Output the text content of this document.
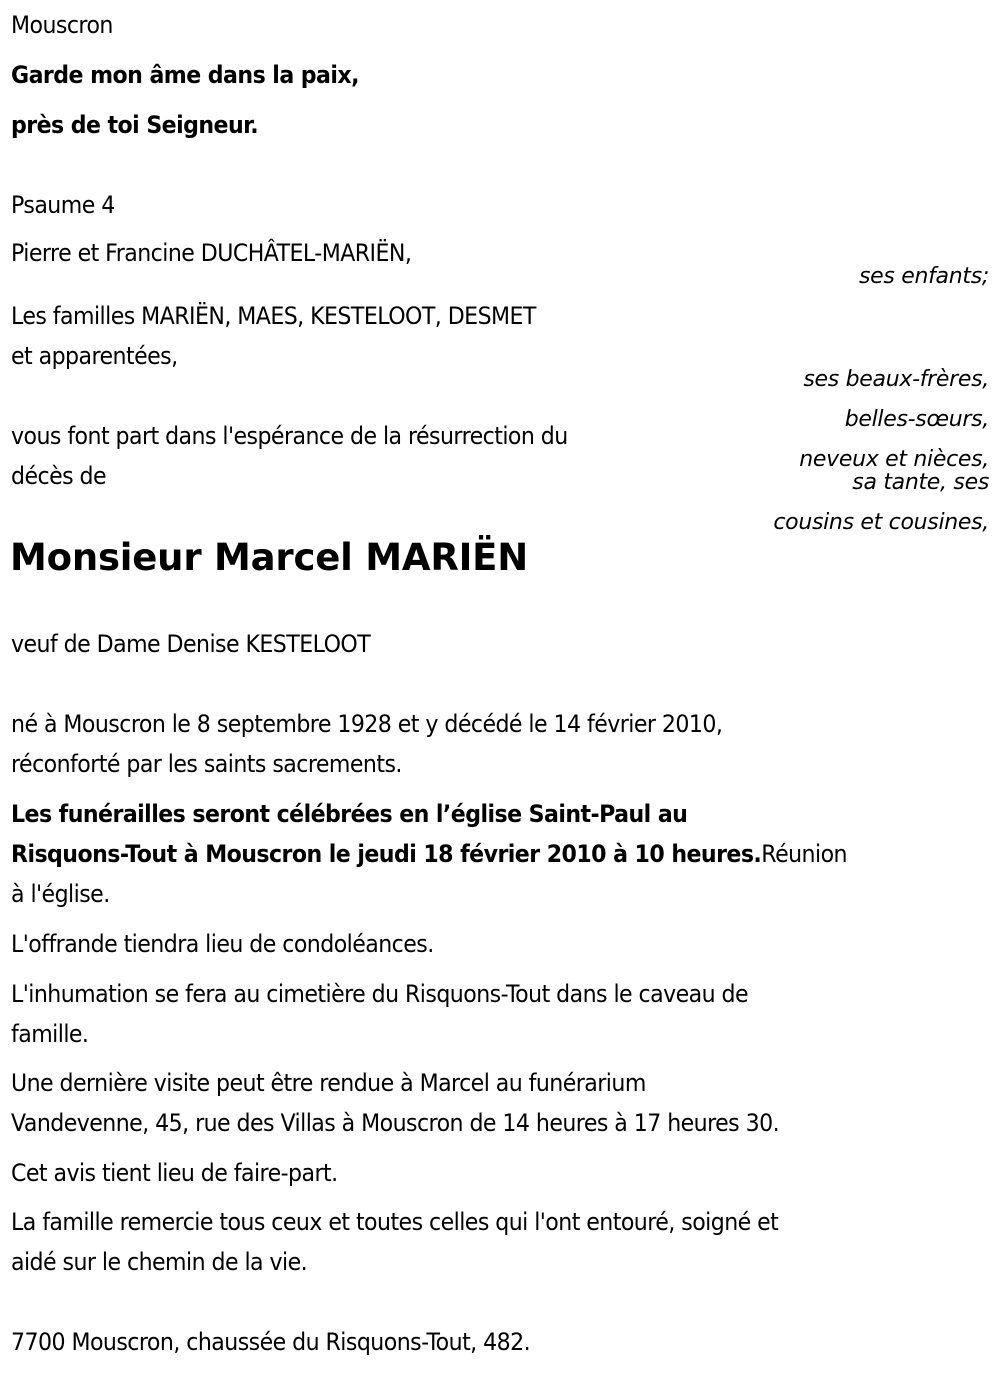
Mouscron
Garde mon âme dans la paix,
près de toi Seigneur.
Psaume 4
Pierre et Francine DUCHÂTEL-MARIËN,
ses enfants;
Les familles MARIËN, MAES, KESTELOOT, DESMET
et apparentées,
ses beaux-frères,
belles-sœurs,
neveux et nièces,
sa tante, ses
cousins et cousines,
vous font part dans l'espérance de la résurrection du
décès de
Monsieur Marcel MARIËN
veuf de Dame Denise KESTELOOT
né à Mouscron le 8 septembre 1928 et y décédé le 14 février 2010,
réconforté par les saints sacrements.
Les funérailles seront célébrées en l’église Saint-Paul au
Risquons-Tout à Mouscron le jeudi 18 février 2010 à 10 heures.Réunion
à l'église.
L'offrande tiendra lieu de condoléances.
L'inhumation se fera au cimetière du Risquons-Tout dans le caveau de
famille.
Une dernière visite peut être rendue à Marcel au funérarium
Vandevenne, 45, rue des Villas à Mouscron de 14 heures à 17 heures 30.
Cet avis tient lieu de faire-part.
La famille remercie tous ceux et toutes celles qui l'ont entouré, soigné et
aidé sur le chemin de la vie.
7700 Mouscron, chaussée du Risquons-Tout, 482.
